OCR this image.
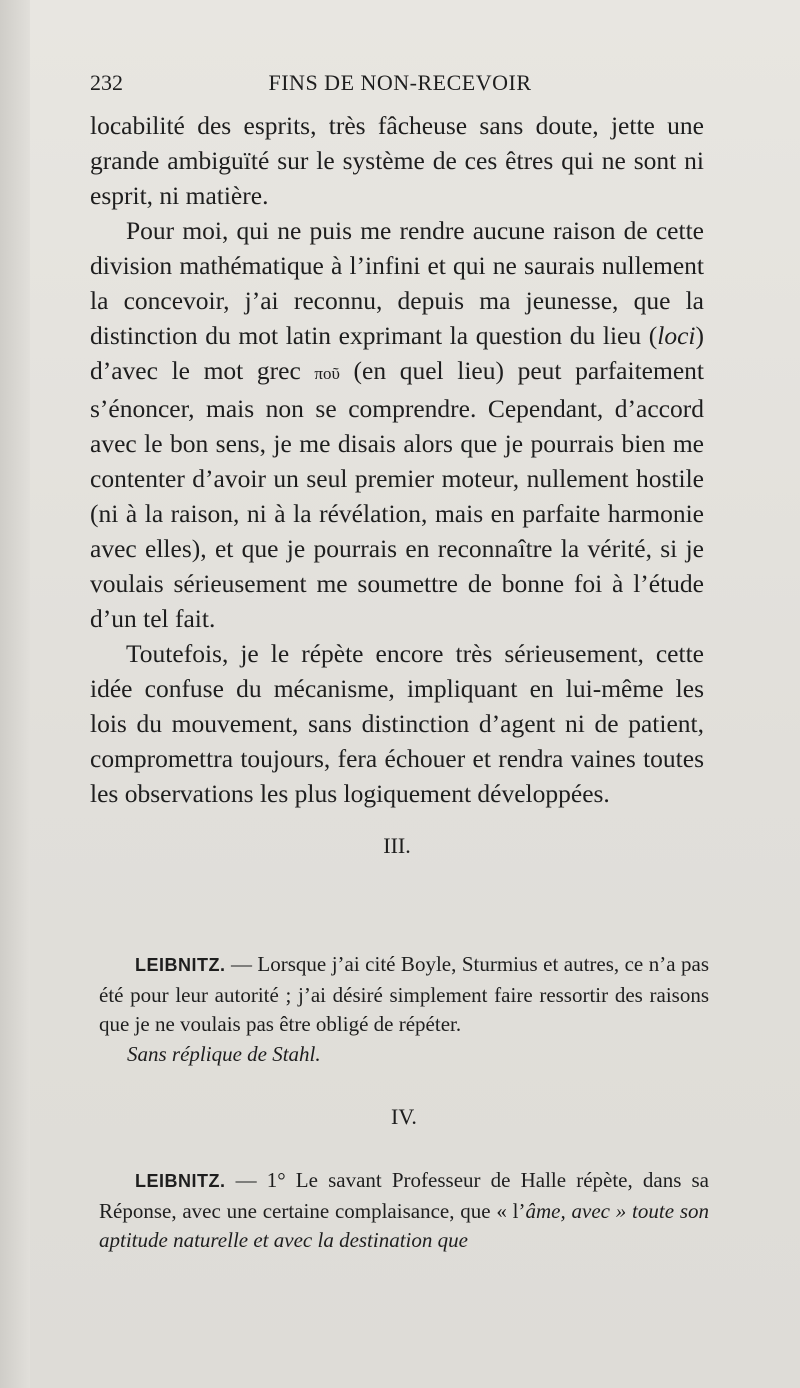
232	FINS DE NON-RECEVOIR

locabilité des esprits, très fâcheuse sans doute, jette une grande ambiguïté sur le système de ces êtres qui ne sont ni esprit, ni matière.

Pour moi, qui ne puis me rendre aucune raison de cette division mathématique à l’infini et qui ne saurais nullement la concevoir, j’ai reconnu, depuis ma jeunesse, que la distinction du mot latin exprimant la question du lieu (loci) d’avec le mot grec ποῦ (en quel lieu) peut parfaitement s’énoncer, mais non se comprendre. Cependant, d’accord avec le bon sens, je me disais alors que je pourrais bien me contenter d’avoir un seul premier moteur, nullement hostile (ni à la raison, ni à la révélation, mais en parfaite harmonie avec elles), et que je pourrais en reconnaître la vérité, si je voulais sérieusement me soumettre de bonne foi à l’étude d’un tel fait.

Toutefois, je le répète encore très sérieusement, cette idée confuse du mécanisme, impliquant en lui-même les lois du mouvement, sans distinction d’agent ni de patient, compromettra toujours, fera échouer et rendra vaines toutes les observations les plus logiquement développées.

III.

LEIBNITZ. — Lorsque j’ai cité Boyle, Sturmius et autres, ce n’a pas été pour leur autorité ; j’ai désiré simplement faire ressortir des raisons que je ne voulais pas être obligé de répéter.

Sans réplique de Stahl.

IV.

LEIBNITZ. — 1° Le savant Professeur de Halle répète, dans sa Réponse, avec une certaine complaisance, que « l’âme, avec » toute son aptitude naturelle et avec la destination que
